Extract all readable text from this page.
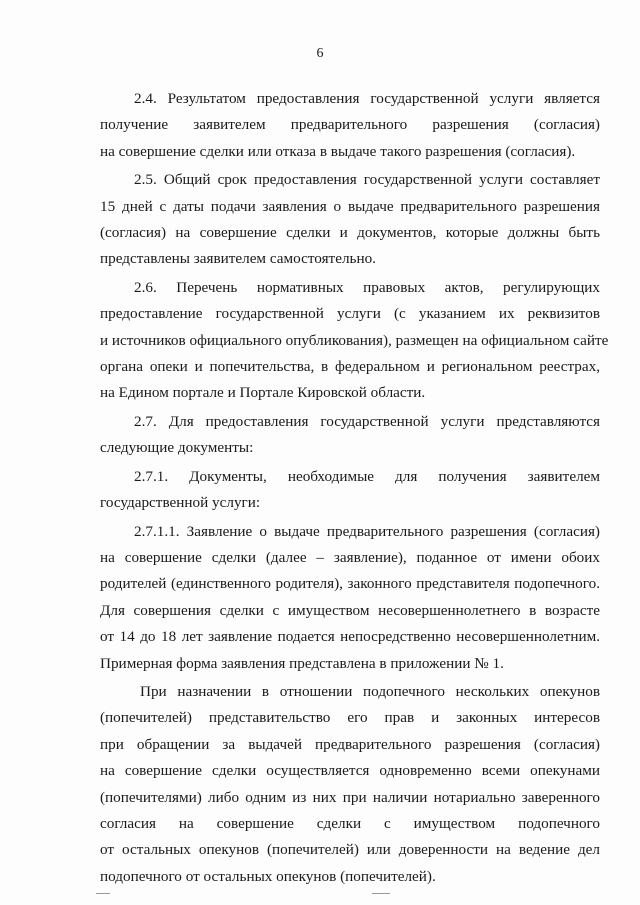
6
2.4. Результатом предоставления государственной услуги является
получение заявителем предварительного разрешения (согласия)
на совершение сделки или отказа в выдаче такого разрешения (согласия).
2.5. Общий срок предоставления государственной услуги составляет
15 дней с даты подачи заявления о выдаче предварительного разрешения
(согласия) на совершение сделки и документов, которые должны быть
представлены заявителем самостоятельно.
2.6. Перечень нормативных правовых актов, регулирующих
предоставление государственной услуги (с указанием их реквизитов
и источников официального опубликования), размещен на официальном сайте
органа опеки и попечительства, в федеральном и региональном реестрах,
на Едином портале и Портале Кировской области.
2.7. Для предоставления государственной услуги представляются
следующие документы:
2.7.1. Документы, необходимые для получения заявителем
государственной услуги:
2.7.1.1. Заявление о выдаче предварительного разрешения (согласия)
на совершение сделки (далее – заявление), поданное от имени обоих
родителей (единственного родителя), законного представителя подопечного.
Для совершения сделки с имуществом несовершеннолетнего в возрасте
от 14 до 18 лет заявление подается непосредственно несовершеннолетним.
Примерная форма заявления представлена в приложении № 1.
При назначении в отношении подопечного нескольких опекунов
(попечителей) представительство его прав и законных интересов
при обращении за выдачей предварительного разрешения (согласия)
на совершение сделки осуществляется одновременно всеми опекунами
(попечителями) либо одним из них при наличии нотариально заверенного
согласия на совершение сделки с имуществом подопечного
от остальных опекунов (попечителей) или доверенности на ведение дел
подопечного от остальных опекунов (попечителей).
